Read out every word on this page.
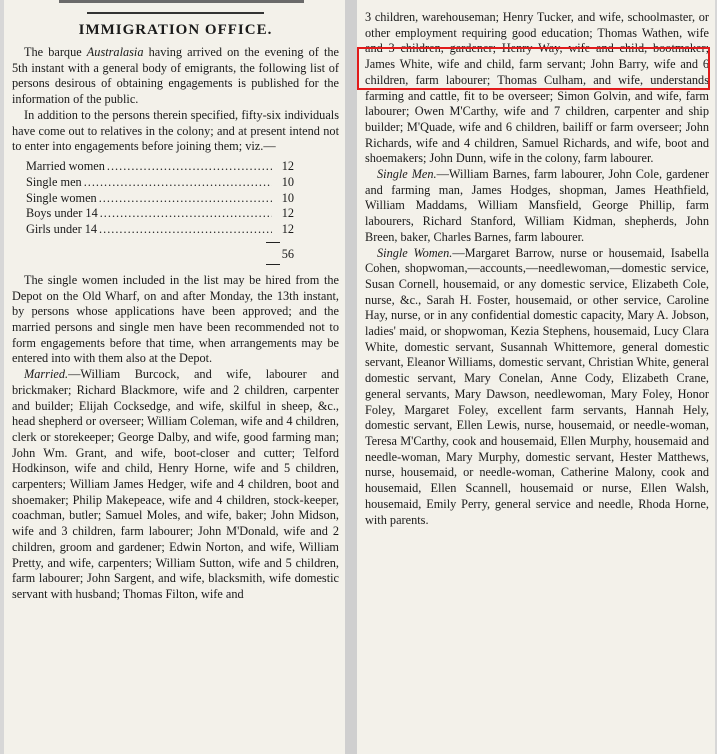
IMMIGRATION OFFICE.

The barque Australasia having arrived on the evening of the 5th instant with a general body of emigrants, the following list of persons desirous of obtaining engagements is published for the information of the public.

In addition to the persons therein specified, fifty-six individuals have come out to relatives in the colony; and at present intend not to enter into engagements before joining them; viz.—

Married women .....	12
Single men .....	10
Single women .....	10
Boys under 14 .....	12
Girls under 14 .....	12
56

The single women included in the list may be hired from the Depot on the Old Wharf, on and after Monday, the 13th instant, by persons whose applications have been approved; and the married persons and single men have been recommended not to form engagements before that time, when arrangements may be entered into with them also at the Depot.

Married.—William Burcock, and wife, labourer and brickmaker; Richard Blackmore, wife and 2 children, carpenter and builder; Elijah Cocksedge, and wife, skilful in sheep, &c., head shepherd or overseer; William Coleman, wife and 4 children, clerk or storekeeper; George Dalby, and wife, good farming man; John Wm. Grant, and wife, boot-closer and cutter; Telford Hodkinson, wife and child, Henry Horne, wife and 5 children, carpenters; William James Hedger, wife and 4 children, boot and shoemaker; Philip Makepeace, wife and 4 children, stock-keeper, coachman, butler; Samuel Moles, and wife, baker; John Midson, wife and 3 children, farm labourer; John M'Donald, wife and 2 children, groom and gardener; Edwin Norton, and wife, William Pretty, and wife, carpenters; William Sutton, wife and 5 children, farm labourer; John Sargent, and wife, blacksmith, wife domestic servant with husband; Thomas Filton, wife and

3 children, warehouseman; Henry Tucker, and wife, schoolmaster, or other employment requiring good education; Thomas Wathen, wife and 3 children, gardener; Henry Way, wife and child, bootmaker; James White, wife and child, farm servant; John Barry, wife and 6 children, farm labourer; Thomas Culham, and wife, understands farming and cattle, fit to be overseer; Simon Golvin, and wife, farm labourer; Owen M'Carthy, wife and 7 children, carpenter and ship builder; M'Quade, wife and 6 children, bailiff or farm overseer; John Richards, wife and 4 children, Samuel Richards, and wife, boot and shoemakers; John Dunn, wife in the colony, farm labourer.

Single Men.—William Barnes, farm labourer, John Cole, gardener and farming man, James Hodges, shopman, James Heathfield, William Maddams, William Mansfield, George Phillip, farm labourers, Richard Stanford, William Kidman, shepherds, John Breen, baker, Charles Barnes, farm labourer.

Single Women.—Margaret Barrow, nurse or housemaid, Isabella Cohen, shopwoman,—accounts,—needlewoman,—domestic service, Susan Cornell, housemaid, or any domestic service, Elizabeth Cole, nurse, &c., Sarah H. Foster, housemaid, or other service, Caroline Hay, nurse, or in any confidential domestic capacity, Mary A. Jobson, ladies' maid, or shopwoman, Kezia Stephens, housemaid, Lucy Clara White, domestic servant, Susannah Whittemore, general domestic servant, Eleanor Williams, domestic servant, Christian White, general domestic servant, Mary Conelan, Anne Cody, Elizabeth Crane, general servants, Mary Dawson, needlewoman, Mary Foley, Honor Foley, Margaret Foley, excellent farm servants, Hannah Hely, domestic servant, Ellen Lewis, nurse, housemaid, or needle-woman, Teresa M'Carthy, cook and housemaid, Ellen Murphy, housemaid and needle-woman, Mary Murphy, domestic servant, Hester Matthews, nurse, housemaid, or needle-woman, Catherine Malony, cook and housemaid, Ellen Scannell, housemaid or nurse, Ellen Walsh, housemaid, Emily Perry, general service and needle, Rhoda Horne, with parents.
